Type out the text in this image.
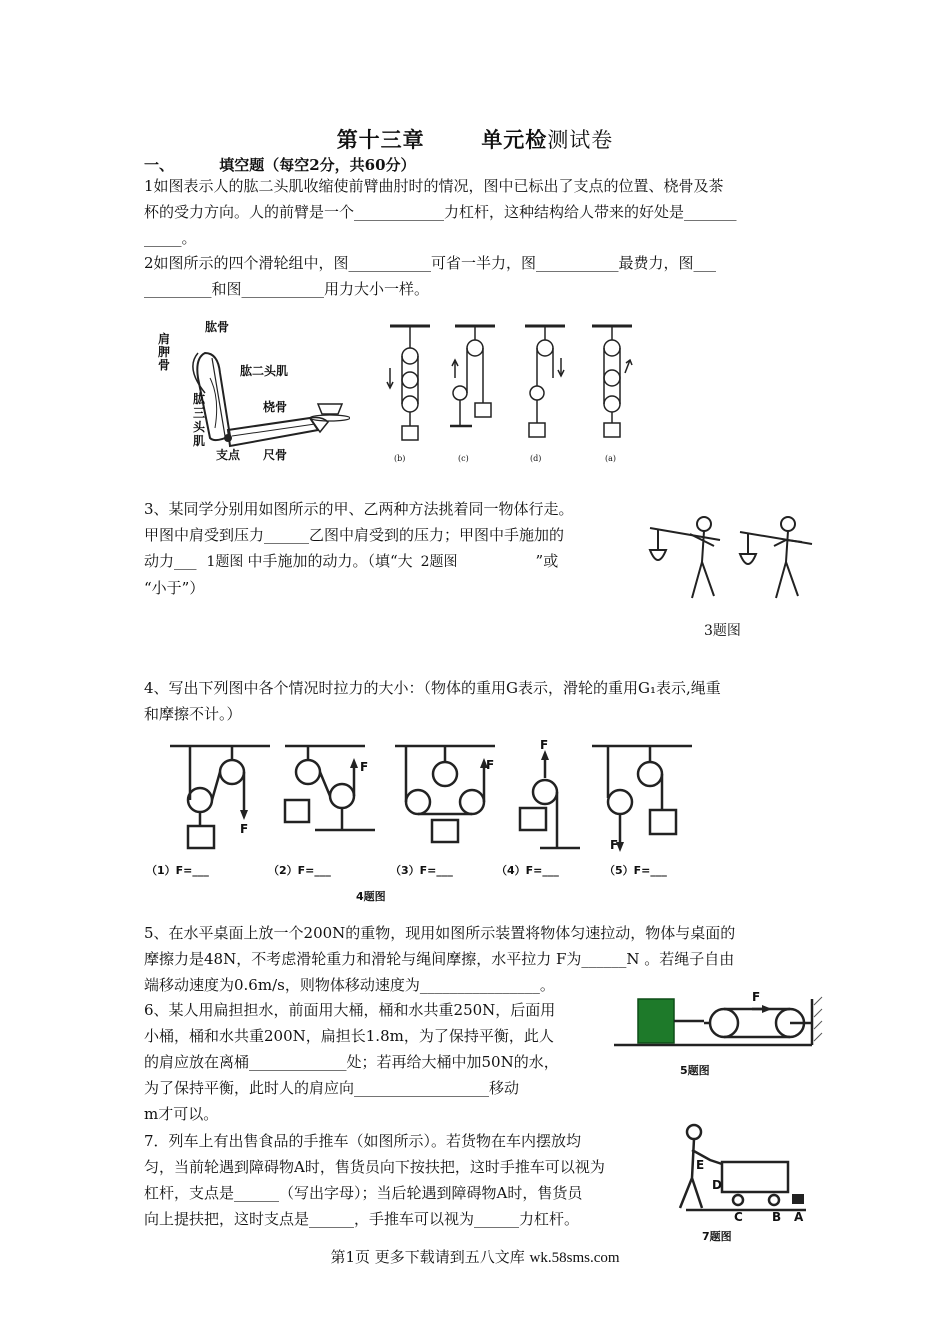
第十三章	单元检测试卷
一、	填空题（每空2分，共60分）

1如图表示人的肱二头肌收缩使前臂曲肘时的情况，图中已标出了支点的位置、桡骨及茶

杯的受力方向。人的前臂是一个____________力杠杆，这种结构给人带来的好处是_______

_____。

2如图所示的四个滑轮组中，图___________可省一半力，图___________最费力，图___

_________和图___________用力大小一样。

肩胛骨
肱骨
肱二头肌
肱三头肌
桡骨
支点 尺骨	(b)	(c)	(d)	(a)

3、某同学分别用如图所示的甲、乙两种方法挑着同一物体行走。

甲图中肩受到压力______乙图中肩受到的压力；甲图中手施加的

动力___ 1题图 中手施加的动力。（填“大 2题图	”或

“小于”）

3题图

4、写出下列图中各个情况时拉力的大小：（物体的重用G表示，滑轮的重用G₁表示,绳重

和摩擦不计。）

F
F	F
F
F
（1）F=___	（2）F=___	（3）F=___	（4）F=___	（5）F=___
4题图

5、在水平桌面上放一个200N的重物，现用如图所示装置将物体匀速拉动，物体与桌面的

摩擦力是48N，不考虑滑轮重力和滑轮与绳间摩擦，水平拉力 F为______N 。若绳子自由

端移动速度为0.6m/s，则物体移动速度为________________。

6、某人用扁担担水，前面用大桶，桶和水共重250N，后面用

小桶，桶和水共重200N，扁担长1.8m，为了保持平衡，此人

的肩应放在离桶_____________处；若再给大桶中加50N的水，

为了保持平衡，此时人的肩应向__________________移动

m才可以。

F
5题图

7．列车上有出售食品的手推车（如图所示）。若货物在车内摆放均

匀，当前轮遇到障碍物A时，售货员向下按扶把，这时手推车可以视为

杠杆，支点是______（写出字母）；当后轮遇到障碍物A时，售货员

向上提扶把，这时支点是______，手推车可以视为______力杠杆。

E
D
C B A
7题图
第1页 更多下载请到五八文库 wk.58sms.com
